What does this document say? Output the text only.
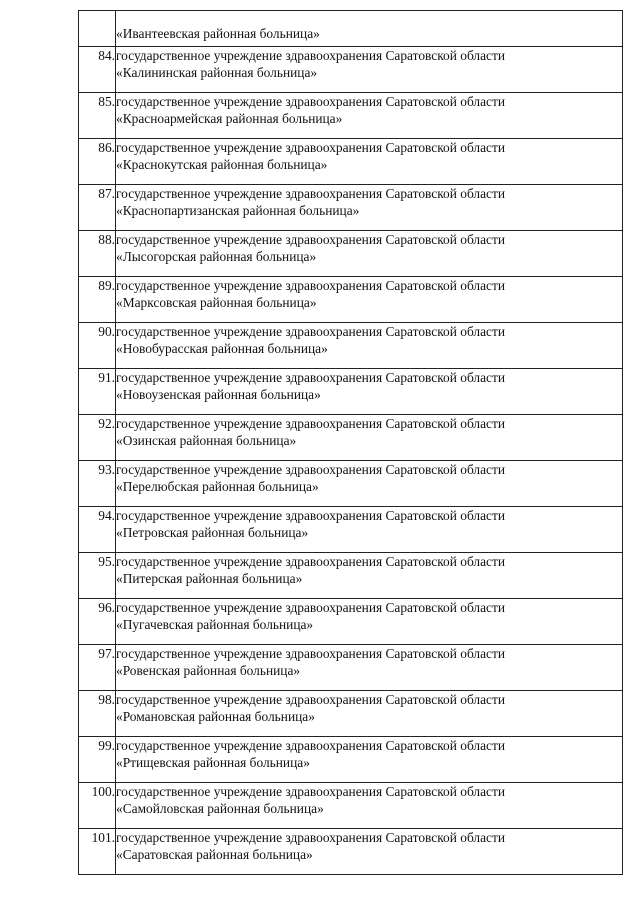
	«Ивантеевская районная больница»

84.	государственное учреждение здравоохранения Саратовской области
«Калининская районная больница»

85.	государственное учреждение здравоохранения Саратовской области
«Красноармейская районная больница»

86.	государственное учреждение здравоохранения Саратовской области
«Краснокутская районная больница»

87.	государственное учреждение здравоохранения Саратовской области
«Краснопартизанская районная больница»

88.	государственное учреждение здравоохранения Саратовской области
«Лысогорская районная больница»

89.	государственное учреждение здравоохранения Саратовской области
«Марксовская районная больница»

90.	государственное учреждение здравоохранения Саратовской области
«Новобурасская районная больница»

91.	государственное учреждение здравоохранения Саратовской области
«Новоузенская районная больница»

92.	государственное учреждение здравоохранения Саратовской области
«Озинская районная больница»

93.	государственное учреждение здравоохранения Саратовской области
«Перелюбская районная больница»

94.	государственное учреждение здравоохранения Саратовской области
«Петровская районная больница»

95.	государственное учреждение здравоохранения Саратовской области
«Питерская районная больница»

96.	государственное учреждение здравоохранения Саратовской области
«Пугачевская районная больница»

97.	государственное учреждение здравоохранения Саратовской области
«Ровенская районная больница»

98.	государственное учреждение здравоохранения Саратовской области
«Романовская районная больница»

99.	государственное учреждение здравоохранения Саратовской области
«Ртищевская районная больница»

100.	государственное учреждение здравоохранения Саратовской области
«Самойловская районная больница»

101.	государственное учреждение здравоохранения Саратовской области
«Саратовская районная больница»
